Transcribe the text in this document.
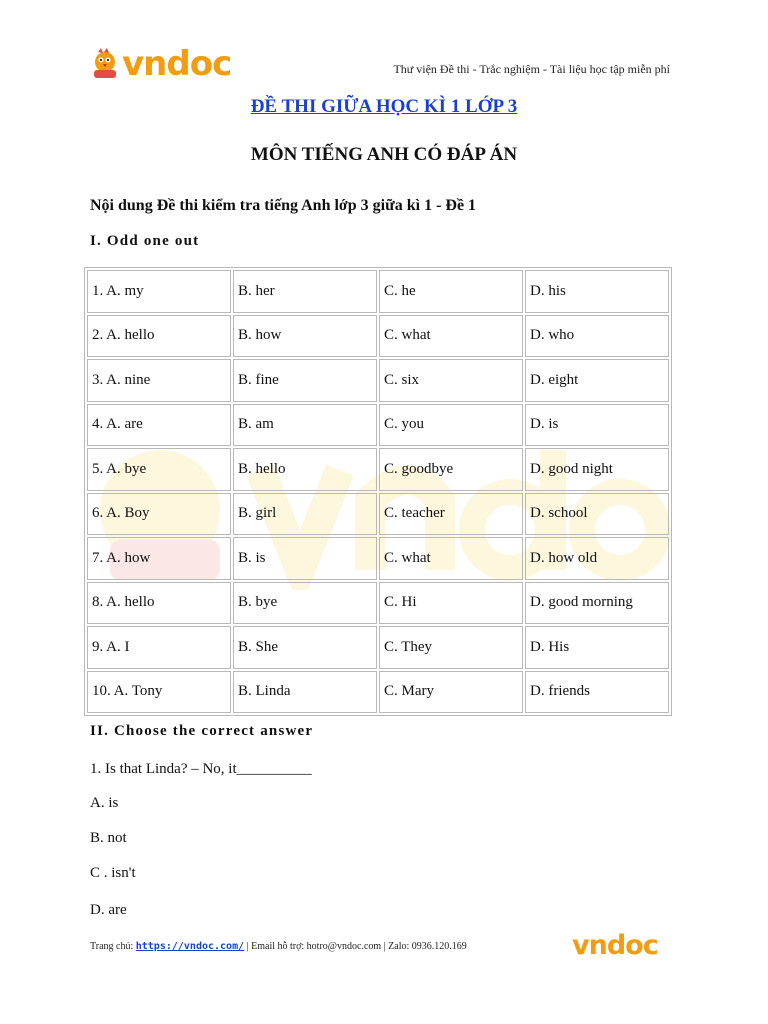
vndoc	Thư viện Đề thi - Trắc nghiệm - Tài liệu học tập miễn phí
ĐỀ THI GIỮA HỌC KÌ 1 LỚP 3
MÔN TIẾNG ANH CÓ ĐÁP ÁN
Nội dung Đề thi kiểm tra tiếng Anh lớp 3 giữa kì 1 - Đề 1
I. Odd one out
1. A. my	B. her	C. he	D. his
2. A. hello	B. how	C. what	D. who
3. A. nine	B. fine	C. six	D. eight
4. A. are	B. am	C. you	D. is
5. A. bye	B. hello	C. goodbye	D. good night
6. A. Boy	B. girl	C. teacher	D. school
7. A. how	B. is	C. what	D. how old
8. A. hello	B. bye	C. Hi	D. good morning
9. A. I	B. She	C. They	D. His
10. A. Tony	B. Linda	C. Mary	D. friends
II. Choose the correct answer
1. Is that Linda? – No, it__________
A. is
B. not
C . isn't
D. are
Trang chủ: https://vndoc.com/ | Email hỗ trợ: hotro@vndoc.com | Zalo: 0936.120.169	vndoc
